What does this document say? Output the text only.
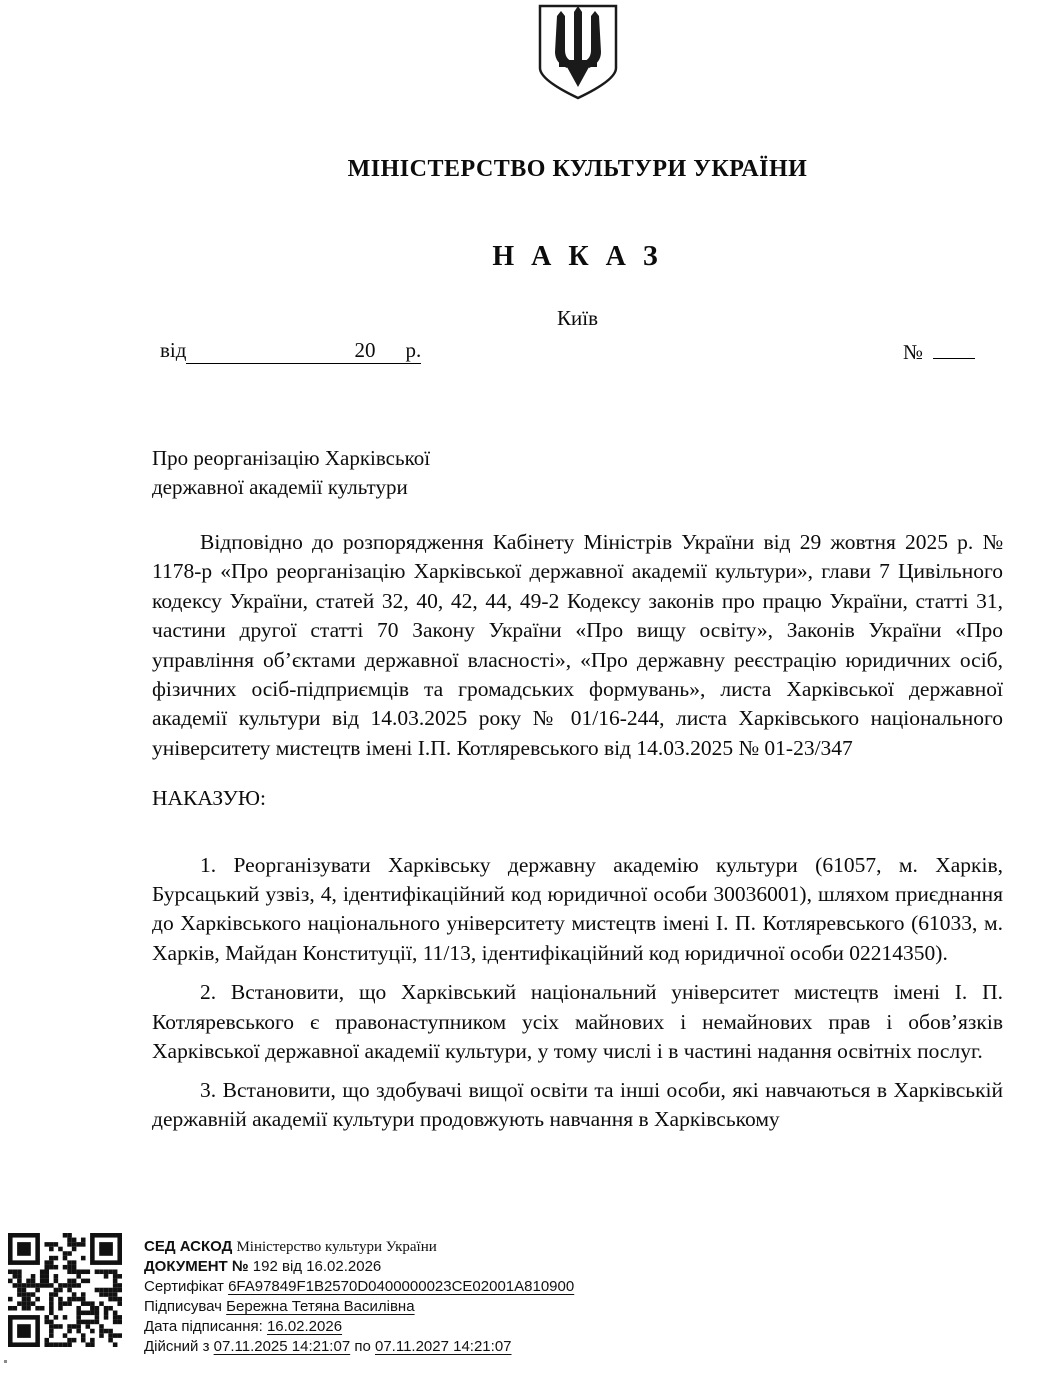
МІНІСТЕРСТВО КУЛЬТУРИ УКРАЇНИ
Н А К А З
Київ
від	20 р.	№
Про реорганізацію Харківської
державної академії культури

Відповідно до розпорядження Кабінету Міністрів України від 29 жовтня 2025 р. № 1178-р «Про реорганізацію Харківської державної академії культури», глави 7 Цивільного кодексу України, статей 32, 40, 42, 44, 49-2 Кодексу законів про працю України, статті 31, частини другої статті 70 Закону України «Про вищу освіту», Законів України «Про управління об’єктами державної власності», «Про державну реєстрацію юридичних осіб, фізичних осіб-підприємців та громадських формувань», листа Харківської державної академії культури від 14.03.2025 року № 01/16-244, листа Харківського національного університету мистецтв імені І.П. Котляревського від 14.03.2025 № 01-23/347

НАКАЗУЮ:

1. Реорганізувати Харківську державну академію культури (61057, м. Харків, Бурсацький узвіз, 4, ідентифікаційний код юридичної особи 30036001), шляхом приєднання до Харківського національного університету мистецтв імені І. П. Котляревського (61033, м. Харків, Майдан Конституції, 11/13, ідентифікаційний код юридичної особи 02214350).

2. Встановити, що Харківський національний університет мистецтв імені І. П. Котляревського є правонаступником усіх майнових і немайнових прав і обов’язків Харківської державної академії культури, у тому числі і в частині надання освітніх послуг.

3. Встановити, що здобувачі вищої освіти та інші особи, які навчаються в Харківській державній академії культури продовжують навчання в Харківському

СЕД АСКОД Міністерство культури України
ДОКУМЕНТ № 192 від 16.02.2026
Сертифікат 6FA97849F1B2570D0400000023CE02001A810900
Підписувач Бережна Тетяна Василівна
Дата підписання: 16.02.2026
Дійсний з 07.11.2025 14:21:07 по 07.11.2027 14:21:07
